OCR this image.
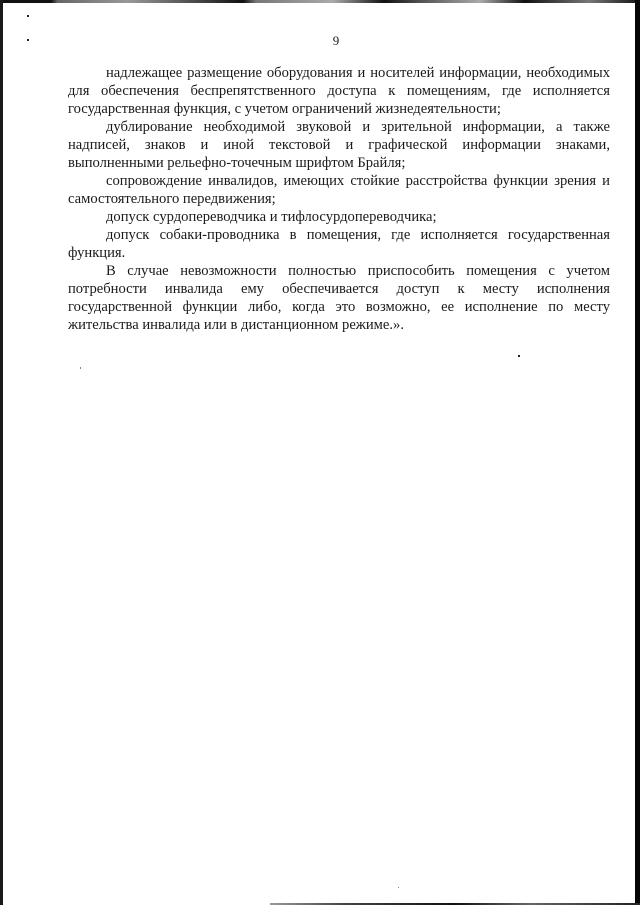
9

надлежащее размещение оборудования и носителей информации, необходимых для обеспечения беспрепятственного доступа к помещениям, где исполняется государственная функция, с учетом ограничений жизнедеятельности;

дублирование необходимой звуковой и зрительной информации, а также надписей, знаков и иной текстовой и графической информации знаками, выполненными рельефно-точечным шрифтом Брайля;

сопровождение инвалидов, имеющих стойкие расстройства функции зрения и самостоятельного передвижения;

допуск сурдопереводчика и тифлосурдопереводчика;

допуск собаки-проводника в помещения, где исполняется государственная функция.

В случае невозможности полностью приспособить помещения с учетом потребности инвалида ему обеспечивается доступ к месту исполнения государственной функции либо, когда это возможно, ее исполнение по месту жительства инвалида или в дистанционном режиме.».
